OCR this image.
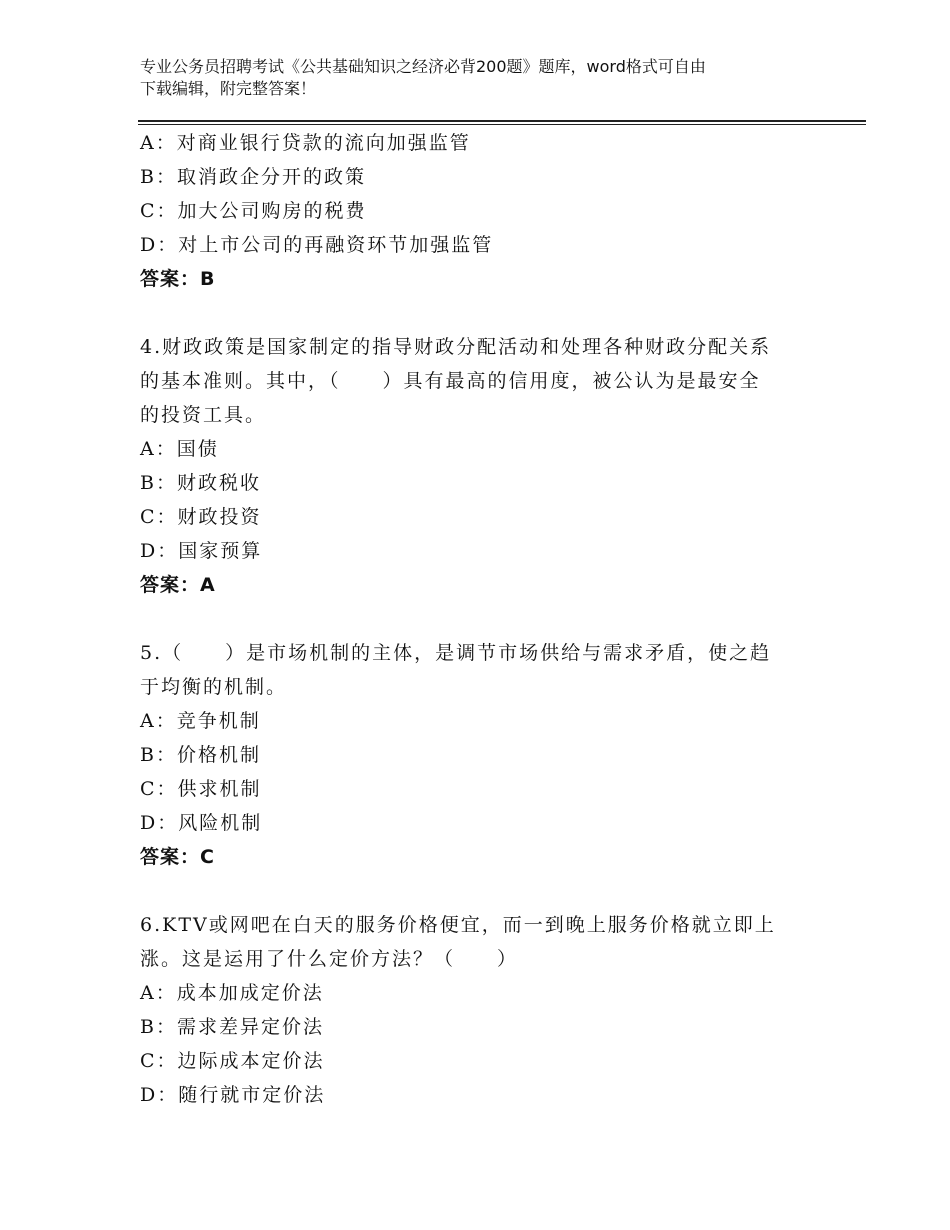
专业公务员招聘考试《公共基础知识之经济必背200题》题库，word格式可自由
下载编辑，附完整答案！
A：对商业银行贷款的流向加强监管
B：取消政企分开的政策
C：加大公司购房的税费
D：对上市公司的再融资环节加强监管
答案：B
4.财政政策是国家制定的指导财政分配活动和处理各种财政分配关系
的基本准则。其中，（　　）具有最高的信用度，被公认为是最安全
的投资工具。
A：国债
B：财政税收
C：财政投资
D：国家预算
答案：A
5.（　　）是市场机制的主体，是调节市场供给与需求矛盾，使之趋
于均衡的机制。
A：竞争机制
B：价格机制
C：供求机制
D：风险机制
答案：C
6.KTV或网吧在白天的服务价格便宜，而一到晚上服务价格就立即上
涨。这是运用了什么定价方法？（　　）
A：成本加成定价法
B：需求差异定价法
C：边际成本定价法
D：随行就市定价法
